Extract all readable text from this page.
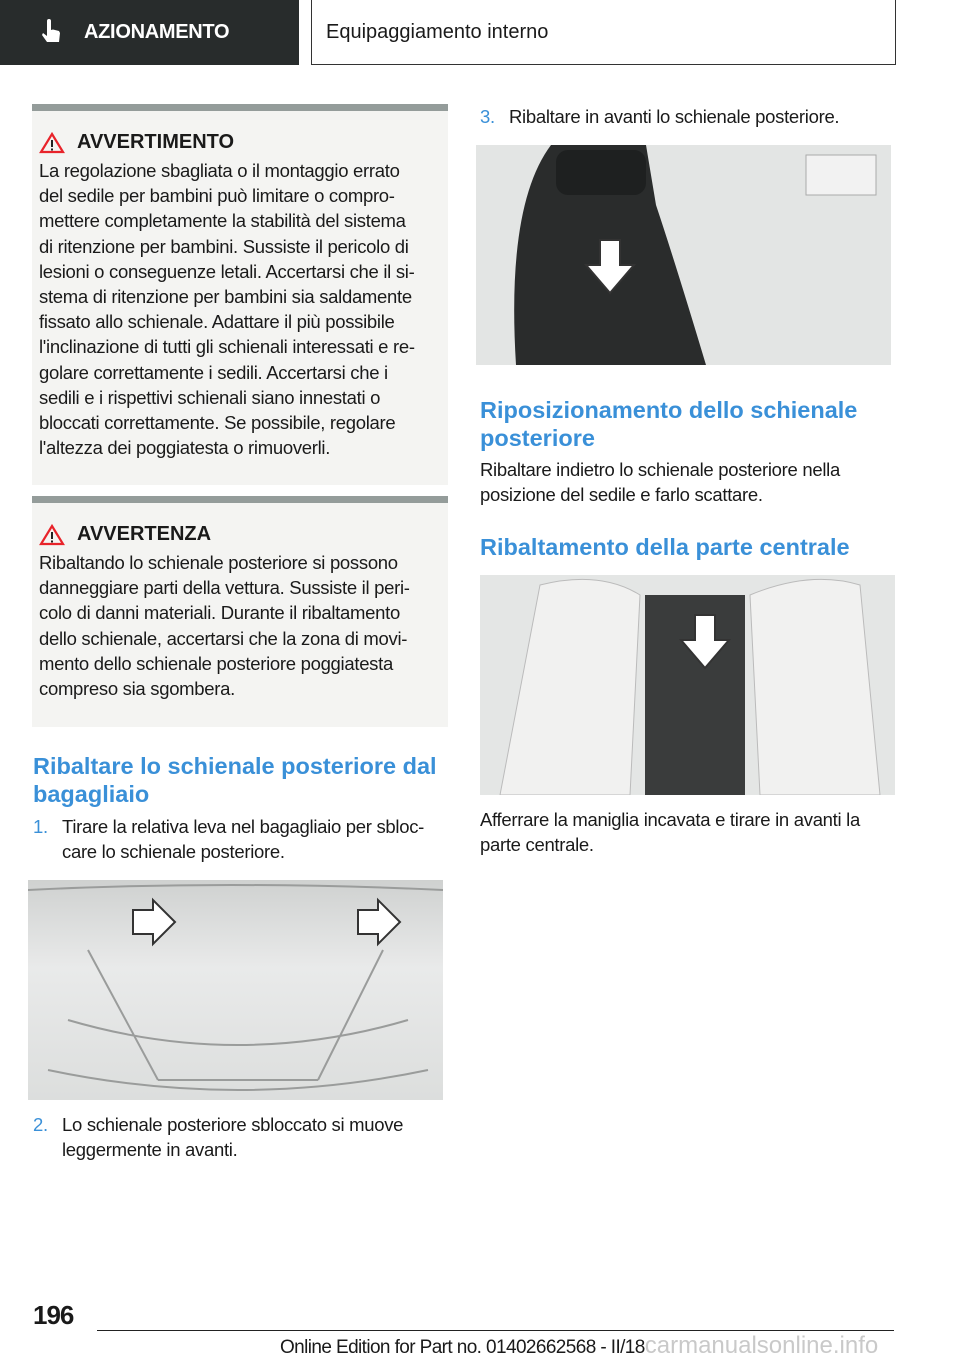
AZIONAMENTO	Equipaggiamento interno
AVVERTIMENTO
La regolazione sbagliata o il montaggio errato
del sedile per bambini può limitare o compro-
mettere completamente la stabilità del sistema
di ritenzione per bambini. Sussiste il pericolo di
lesioni o conseguenze letali. Accertarsi che il si-
stema di ritenzione per bambini sia saldamente
fissato allo schienale. Adattare il più possibile
l'inclinazione di tutti gli schienali interessati e re-
golare correttamente i sedili. Accertarsi che i
sedili e i rispettivi schienali siano innestati o
bloccati correttamente. Se possibile, regolare
l'altezza dei poggiatesta o rimuoverli.
AVVERTENZA
Ribaltando lo schienale posteriore si possono
danneggiare parti della vettura. Sussiste il peri-
colo di danni materiali. Durante il ribaltamento
dello schienale, accertarsi che la zona di movi-
mento dello schienale posteriore poggiatesta
compreso sia sgombera.
Ribaltare lo schienale posteriore dal
bagagliaio
1. Tirare la relativa leva nel bagagliaio per sbloc-
care lo schienale posteriore.
2. Lo schienale posteriore sbloccato si muove
leggermente in avanti.
3. Ribaltare in avanti lo schienale posteriore.
Riposizionamento dello schienale
posteriore
Ribaltare indietro lo schienale posteriore nella
posizione del sedile e farlo scattare.
Ribaltamento della parte centrale
Afferrare la maniglia incavata e tirare in avanti la
parte centrale.
196
Online Edition for Part no. 01402662568 - II/18carmanualsonline.info
